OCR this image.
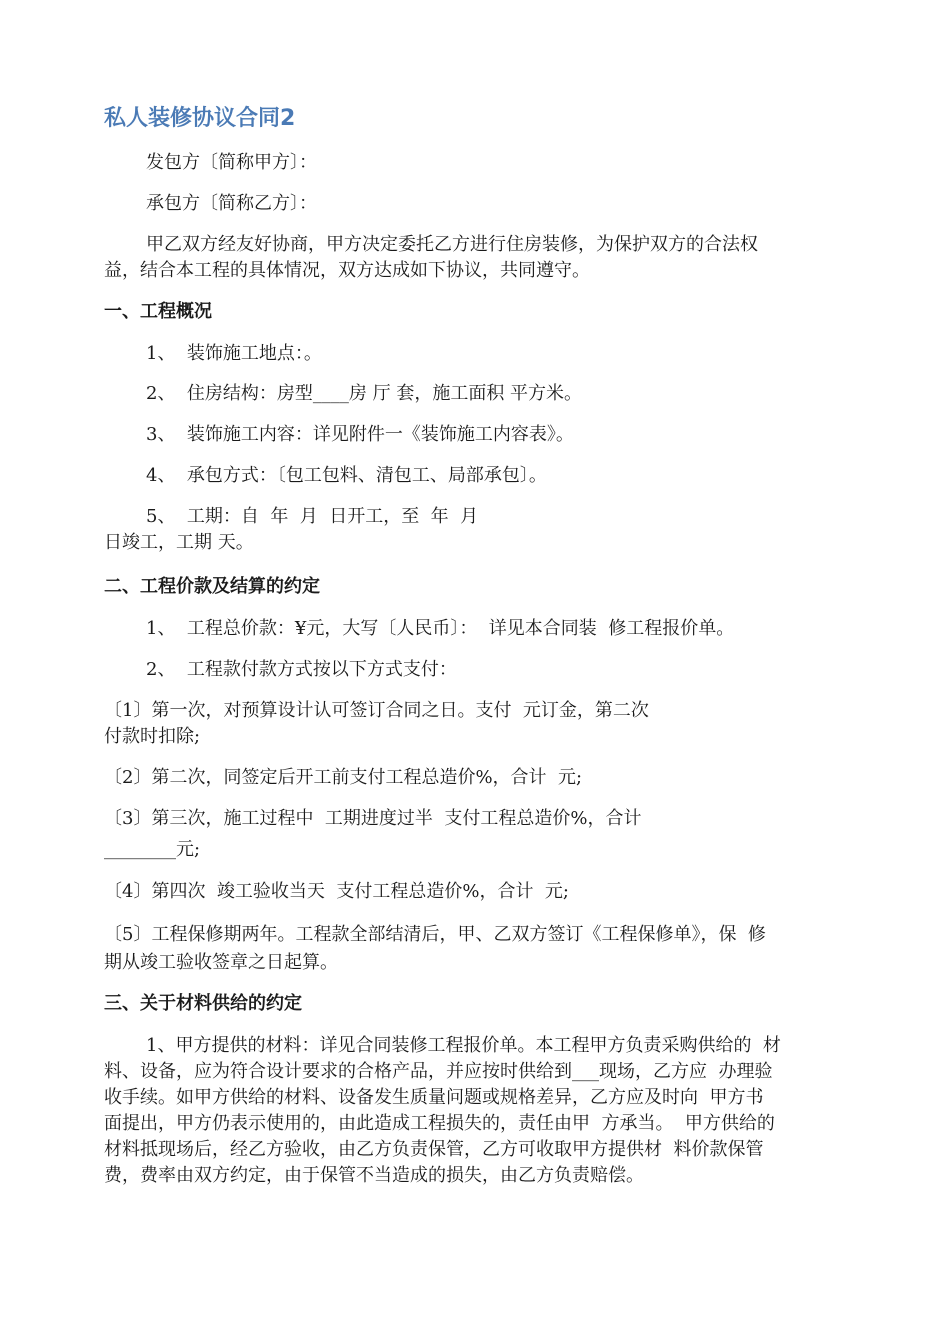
私人装修协议合同2
发包方〔简称甲方〕：
承包方〔简称乙方〕：
甲乙双方经友好协商，甲方决定委托乙方进行住房装修，为保护双方的合法权
益，结合本工程的具体情况，双方达成如下协议，共同遵守。
一、工程概况
1、  装饰施工地点：。
2、  住房结构：房型____房 厅 套，施工面积 平方米。
3、  装饰施工内容：详见附件一《装饰施工内容表》。
4、  承包方式：〔包工包料、清包工、局部承包〕。
5、  工期：自  年  月  日开工，至  年  月
日竣工，工期 天。
二、工程价款及结算的约定
1、  工程总价款：¥元，大写〔人民币〕：  详见本合同装  修工程报价单。
2、  工程款付款方式按以下方式支付：
〔1〕第一次，对预算设计认可签订合同之日。支付  元订金，第二次
付款时扣除;
〔2〕第二次，同签定后开工前支付工程总造价%，合计  元;
〔3〕第三次，施工过程中  工期进度过半  支付工程总造价%，合计
________元;
〔4〕第四次  竣工验收当天  支付工程总造价%，合计  元;
〔5〕工程保修期两年。工程款全部结清后，甲、乙双方签订《工程保修单》，保  修
期从竣工验收签章之日起算。
三、关于材料供给的约定
1、甲方提供的材料：详见合同装修工程报价单。本工程甲方负责采购供给的  材
料、设备，应为符合设计要求的合格产品，并应按时供给到___现场，乙方应  办理验
收手续。如甲方供给的材料、设备发生质量问题或规格差异，乙方应及时向  甲方书
面提出，甲方仍表示使用的，由此造成工程损失的，责任由甲  方承当。  甲方供给的
材料抵现场后，经乙方验收，由乙方负责保管，乙方可收取甲方提供材  料价款保管
费，费率由双方约定，由于保管不当造成的损失，由乙方负责赔偿。
